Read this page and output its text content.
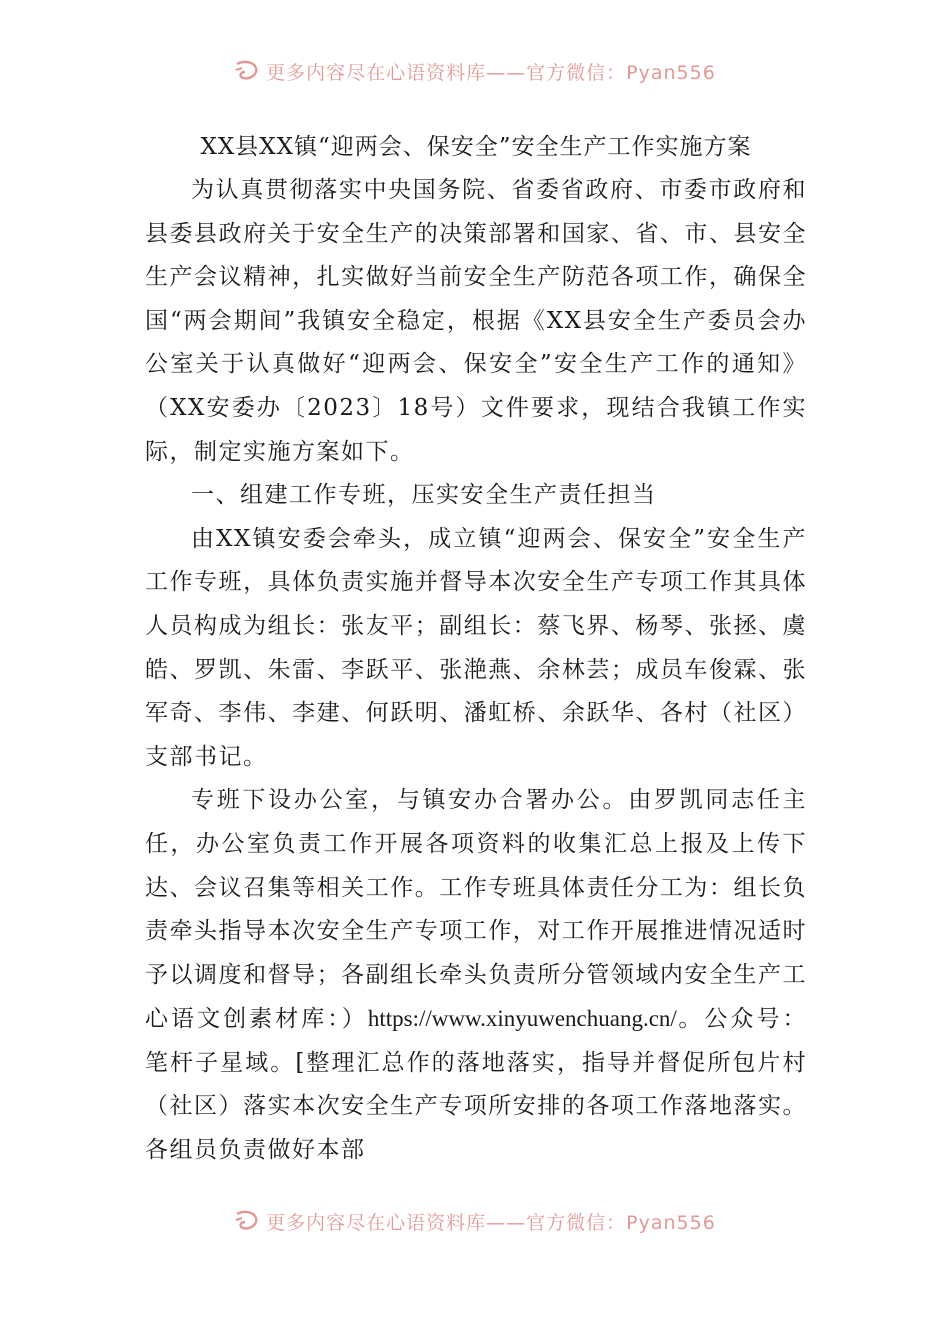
更多内容尽在心语资料库——官方微信：Pyan556
XX县XX镇“迎两会、保安全”安全生产工作实施方案

为认真贯彻落实中央国务院、省委省政府、市委市政府和县委县政府关于安全生产的决策部署和国家、省、市、县安全生产会议精神，扎实做好当前安全生产防范各项工作，确保全国“两会期间”我镇安全稳定，根据《XX县安全生产委员会办公室关于认真做好“迎两会、保安全”安全生产工作的通知》（XX安委办〔2023〕18号）文件要求，现结合我镇工作实际，制定实施方案如下。

一、组建工作专班，压实安全生产责任担当

由XX镇安委会牵头，成立镇“迎两会、保安全”安全生产工作专班，具体负责实施并督导本次安全生产专项工作其具体人员构成为组长：张友平；副组长：蔡飞界、杨琴、张拯、虞皓、罗凯、朱雷、李跃平、张滟燕、余林芸；成员车俊霖、张军奇、李伟、李建、何跃明、潘虹桥、余跃华、各村（社区）支部书记。

专班下设办公室，与镇安办合署办公。由罗凯同志任主任，办公室负责工作开展各项资料的收集汇总上报及上传下达、会议召集等相关工作。工作专班具体责任分工为：组长负责牵头指导本次安全生产专项工作，对工作开展推进情况适时予以调度和督导；各副组长牵头负责所分管领域内安全生产工心语文创素材库：）https://www.xinyuwenchuang.cn/。公众号：笔杆子星域。[整理汇总作的落地落实，指导并督促所包片村（社区）落实本次安全生产专项所安排的各项工作落地落实。各组员负责做好本部

更多内容尽在心语资料库——官方微信：Pyan556
